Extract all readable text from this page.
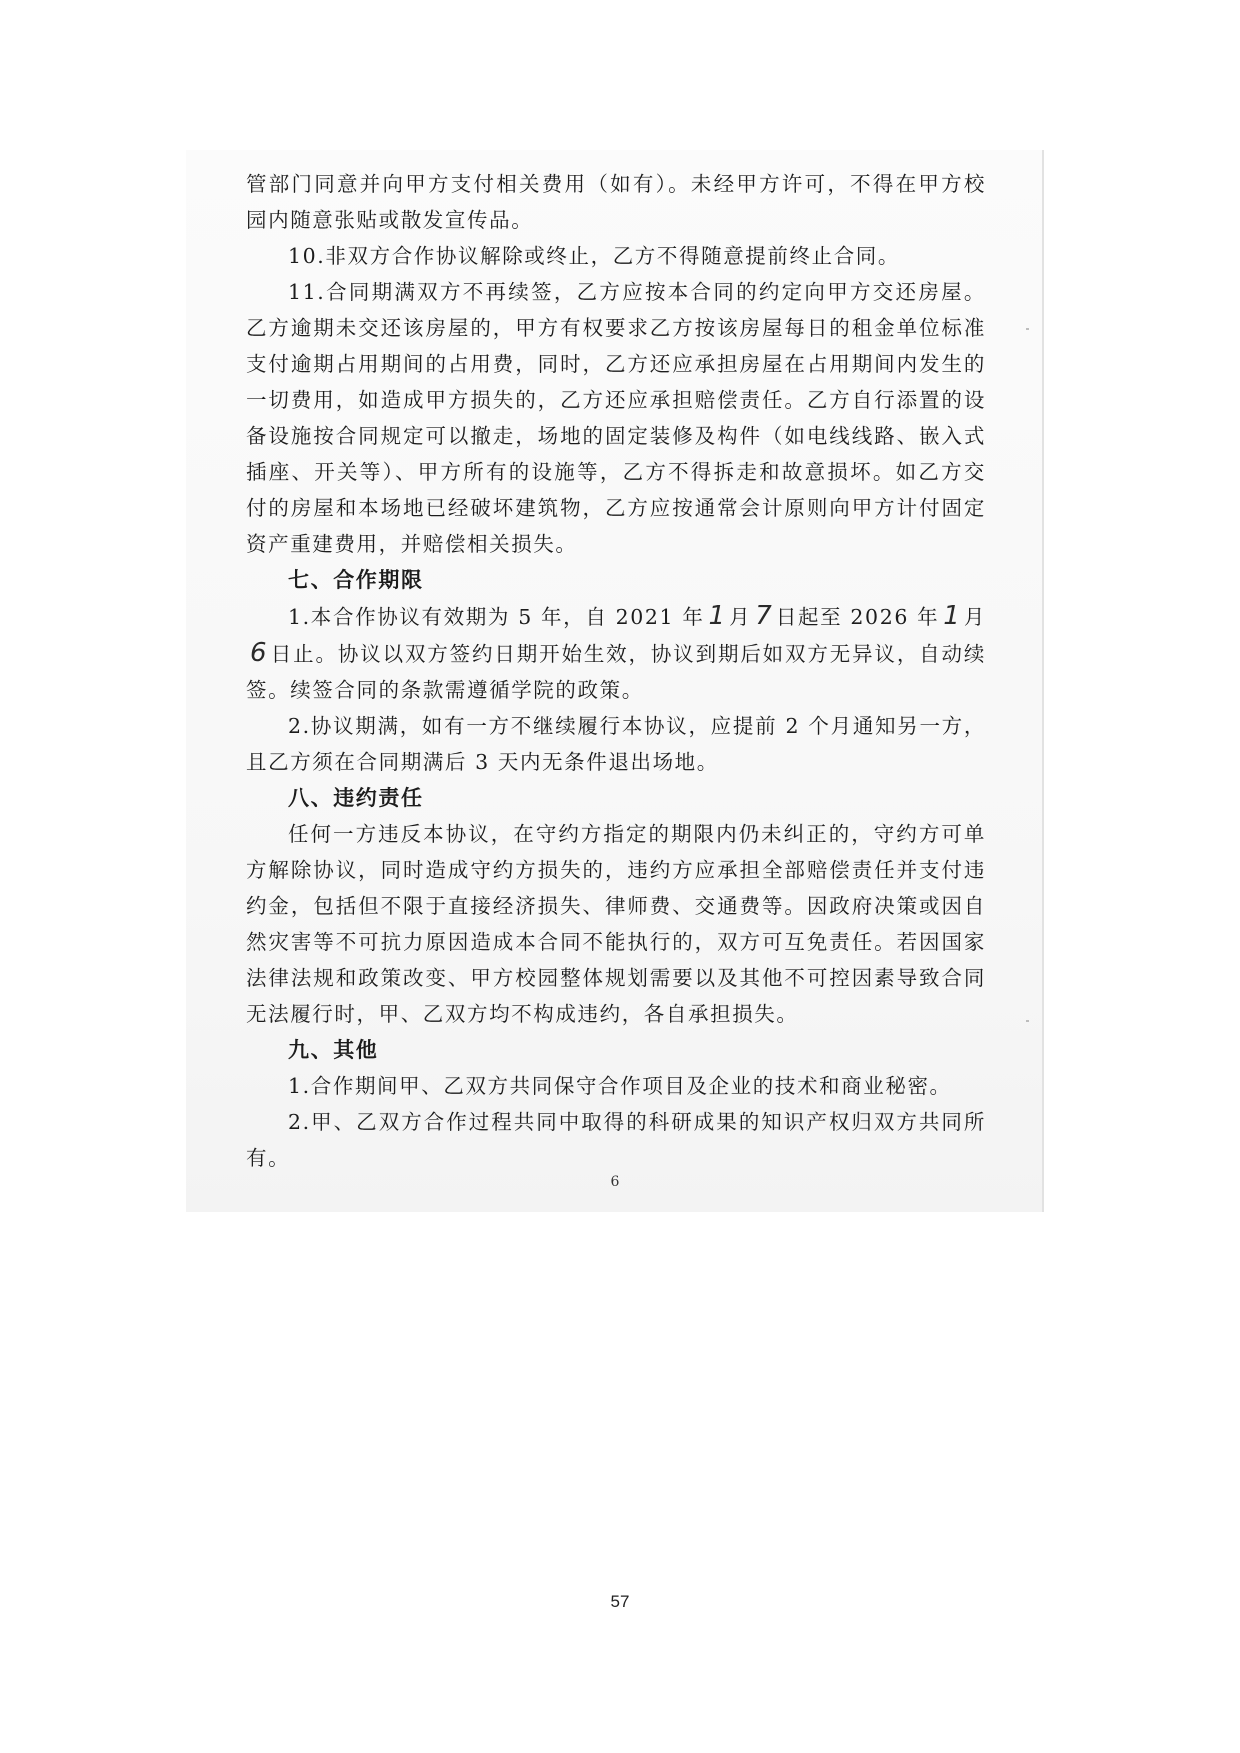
管部门同意并向甲方支付相关费用（如有）。未经甲方许可，不得在甲方校园内随意张贴或散发宣传品。

10.非双方合作协议解除或终止，乙方不得随意提前终止合同。

11.合同期满双方不再续签，乙方应按本合同的约定向甲方交还房屋。乙方逾期未交还该房屋的，甲方有权要求乙方按该房屋每日的租金单位标准支付逾期占用期间的占用费，同时，乙方还应承担房屋在占用期间内发生的一切费用，如造成甲方损失的，乙方还应承担赔偿责任。乙方自行添置的设备设施按合同规定可以撤走，场地的固定装修及构件（如电线线路、嵌入式插座、开关等）、甲方所有的设施等，乙方不得拆走和故意损坏。如乙方交付的房屋和本场地已经破坏建筑物，乙方应按通常会计原则向甲方计付固定资产重建费用，并赔偿相关损失。

七、合作期限

1.本合作协议有效期为 5 年，自 2021 年 1 月 7 日起至 2026 年 1 月6 日止。协议以双方签约日期开始生效，协议到期后如双方无异议，自动续签。续签合同的条款需遵循学院的政策。

2.协议期满，如有一方不继续履行本协议，应提前 2 个月通知另一方，且乙方须在合同期满后 3 天内无条件退出场地。

八、违约责任

任何一方违反本协议，在守约方指定的期限内仍未纠正的，守约方可单方解除协议，同时造成守约方损失的，违约方应承担全部赔偿责任并支付违约金，包括但不限于直接经济损失、律师费、交通费等。因政府决策或因自然灾害等不可抗力原因造成本合同不能执行的，双方可互免责任。若因国家法律法规和政策改变、甲方校园整体规划需要以及其他不可控因素导致合同无法履行时，甲、乙双方均不构成违约，各自承担损失。

九、其他

1.合作期间甲、乙双方共同保守合作项目及企业的技术和商业秘密。

2.甲、乙双方合作过程共同中取得的科研成果的知识产权归双方共同所有。

6
57
